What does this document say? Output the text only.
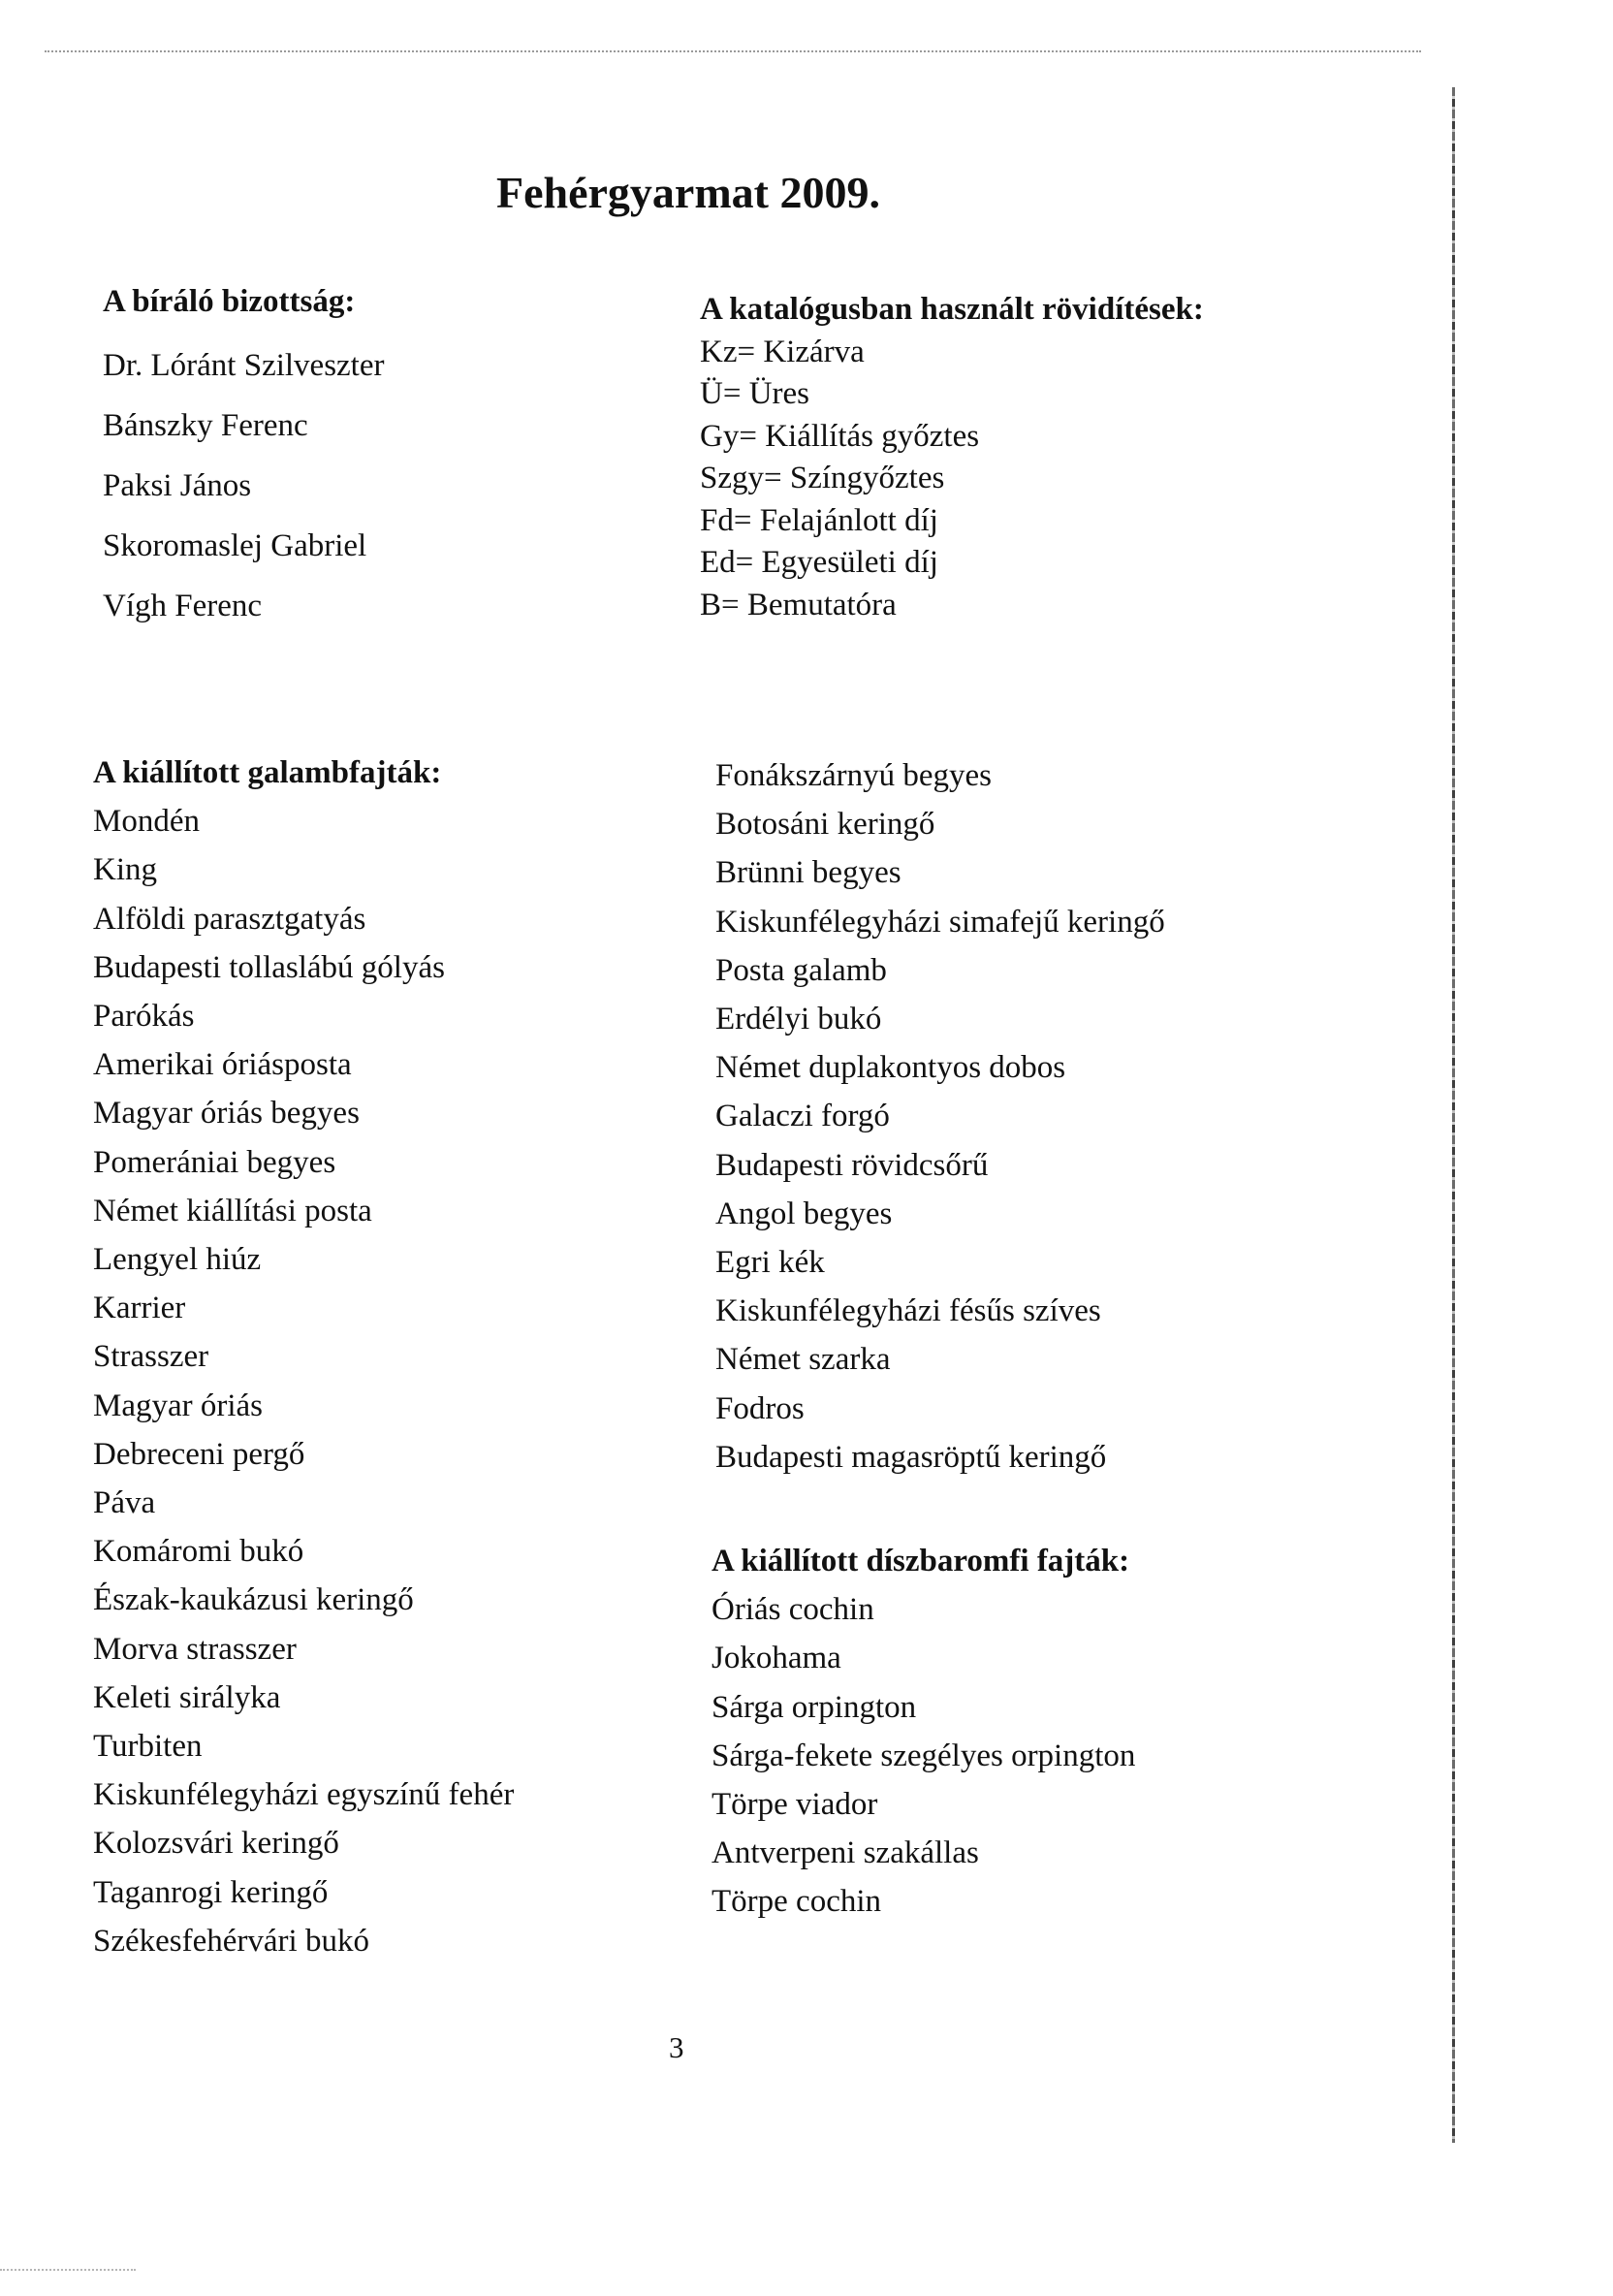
Fehérgyarmat 2009.
A bíráló bizottság:
Dr. Lóránt Szilveszter
Bánszky Ferenc
Paksi János
Skoromaslej Gabriel
Vígh Ferenc
A katalógusban használt rövidítések:
Kz= Kizárva
Ü= Üres
Gy= Kiállítás győztes
Szgy= Színgyőztes
Fd= Felajánlott díj
Ed= Egyesületi díj
B= Bemutatóra
A kiállított galambfajták:
Mondén
King
Alföldi parasztgatyás
Budapesti tollaslábú gólyás
Parókás
Amerikai óriásposta
Magyar óriás begyes
Pomerániai begyes
Német kiállítási posta
Lengyel hiúz
Karrier
Strasszer
Magyar óriás
Debreceni pergő
Páva
Komáromi bukó
Észak-kaukázusi keringő
Morva strasszer
Keleti sirályka
Turbiten
Kiskunfélegyházi egyszínű fehér
Kolozsvári keringő
Taganrogi keringő
Székesfehérvári bukó
Fonákszárnyú begyes
Botosáni keringő
Brünni begyes
Kiskunfélegyházi simafejű keringő
Posta galamb
Erdélyi bukó
Német duplakontyos dobos
Galaczi forgó
Budapesti rövidcsőrű
Angol begyes
Egri kék
Kiskunfélegyházi fésűs szíves
Német szarka
Fodros
Budapesti magasröptű keringő
A kiállított díszbaromfi fajták:
Óriás cochin
Jokohama
Sárga orpington
Sárga-fekete szegélyes orpington
Törpe viador
Antverpeni szakállas
Törpe cochin
3
